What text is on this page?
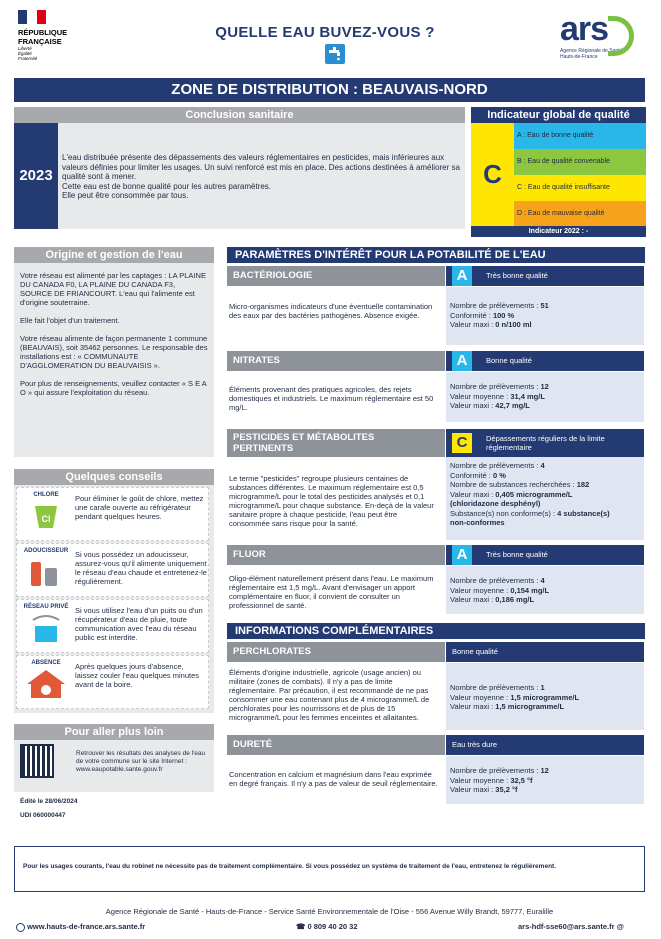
RÉPUBLIQUE
FRANÇAISE
Liberté
Égalité
Fraternité
QUELLE EAU BUVEZ-VOUS ?	ars
Agence Régionale de Santé
Hauts-de-France
ZONE DE DISTRIBUTION : BEAUVAIS-NORD
Conclusion sanitaire
2023
L'eau distribuée présente des dépassements des valeurs réglementaires en pesticides, mais inférieures aux valeurs définies pour limiter les usages. Un suivi renforcé est mis en place. Des actions destinées à améliorer sa qualité sont à mener.
Cette eau est de bonne qualité pour les autres paramètres.
Elle peut être consommée par tous.
Indicateur global de qualité
C
A : Eau de bonne qualité
B : Eau de qualité convenable
C : Eau de qualité insuffisante
D : Eau de mauvaise qualité
Indicateur 2022 : -
Origine et gestion de l'eau
Votre réseau est alimenté par les captages : LA PLAINE DU CANADA F0, LA PLAINE DU CANADA F3, SOURCE DE FRIANCOURT. L'eau qui l'alimente est d'origine souterraine.
Elle fait l'objet d'un traitement.
Votre réseau alimente de façon permanente 1 commune (BEAUVAIS), soit 35462 personnes. Le responsable des installations est : « COMMUNAUTE D'AGGLOMERATION DU BEAUVAISIS ».
Pour plus de renseignements, veuillez contacter « S E A O » qui assure l'exploitation du réseau.
Quelques conseils
CHLORE
Cl
Pour éliminer le goût de chlore, mettez une carafe ouverte au réfrigérateur pendant quelques heures.
ADOUCISSEUR Si vous possédez un adoucisseur, assurez-vous qu'il alimente uniquement le réseau d'eau chaude et entretenez-le régulièrement.
RÉSEAU PRIVÉ Si vous utilisez l'eau d'un puits ou d'un récupérateur d'eau de pluie, toute communication avec l'eau du réseau public est interdite.
ABSENCE	Après quelques jours d'absence, laissez couler l'eau quelques minutes avant de la boire.
Pour aller plus loin
Retrouver les résultats des analyses de l'eau de votre commune sur le site Internet : www.eaupotable.sante.gouv.fr
Édité le 28/06/2024
UDI 060000447
PARAMÈTRES D'INTÉRÊT POUR LA POTABILITÉ DE L'EAU
BACTÉRIOLOGIE	Très bonne qualité
A
Micro-organismes indicateurs d'une éventuelle contamination des eaux par des bactéries pathogènes. Absence exigée.
Nombre de prélèvements : 51
Conformité : 100 %
Valeur maxi : 0 n/100 ml
NITRATES	Bonne qualité
A
Éléments provenant des pratiques agricoles, des rejets domestiques et industriels. Le maximum réglementaire est 50 mg/L.
Nombre de prélèvements : 12
Valeur moyenne : 31,4 mg/L
Valeur maxi : 42,7 mg/L
PESTICIDES ET MÉTABOLITES
PERTINENTS
Dépassements réguliers de la limite
réglementaire
C
Le terme "pesticides" regroupe plusieurs centaines de substances différentes. Le maximum réglementaire est 0,5 microgramme/L pour le total des pesticides analysés et 0,1 microgramme/L pour chaque substance. En-deçà de la valeur sanitaire propre à chaque pesticide, l'eau peut être consommée sans risque pour la santé.
Nombre de prélèvements : 4
Conformité : 0 %
Nombre de substances recherchées : 182
Valeur maxi : 0,405 microgramme/L
(chloridazone desphényl)
Substance(s) non conforme(s) : 4 substance(s)
non-conformes
FLUOR	Très bonne qualité
A
Oligo-élément naturellement présent dans l'eau. Le maximum réglementaire est 1,5 mg/L. Avant d'envisager un apport complémentaire en fluor, il convient de consulter un professionnel de santé.
Nombre de prélèvements : 4
Valeur moyenne : 0,154 mg/L
Valeur maxi : 0,186 mg/L
INFORMATIONS COMPLÉMENTAIRES
PERCHLORATES	Bonne qualité
Éléments d'origine industrielle, agricole (usage ancien) ou militaire (zones de combats). Il n'y a pas de limite réglementaire. Par précaution, il est recommandé de ne pas consommer une eau contenant plus de 4 microgramme/L de perchlorates pour les nourrissons et de plus de 15 microgramme/L pour les femmes enceintes et allaitantes.
Nombre de prélèvements : 1
Valeur moyenne : 1,5 microgramme/L
Valeur maxi : 1,5 microgramme/L
DURETÉ	Eau très dure
Concentration en calcium et magnésium dans l'eau exprimée en degré français. Il n'y a pas de valeur de seuil réglementaire.
Nombre de prélèvements : 12
Valeur moyenne : 32,5 °f
Valeur maxi : 35,2 °f
Pour les usages courants, l'eau du robinet ne nécessite pas de traitement complémentaire. Si vous possédez un système de traitement de l'eau, entretenez le régulièrement.
Agence Régionale de Santé - Hauts-de-France - Service Santé Environnementale de l'Oise - 556 Avenue Willy Brandt, 59777, Euralille
www.hauts-de-france.ars.sante.fr	☎ 0 809 40 20 32	ars-hdf-sse60@ars.sante.fr @
